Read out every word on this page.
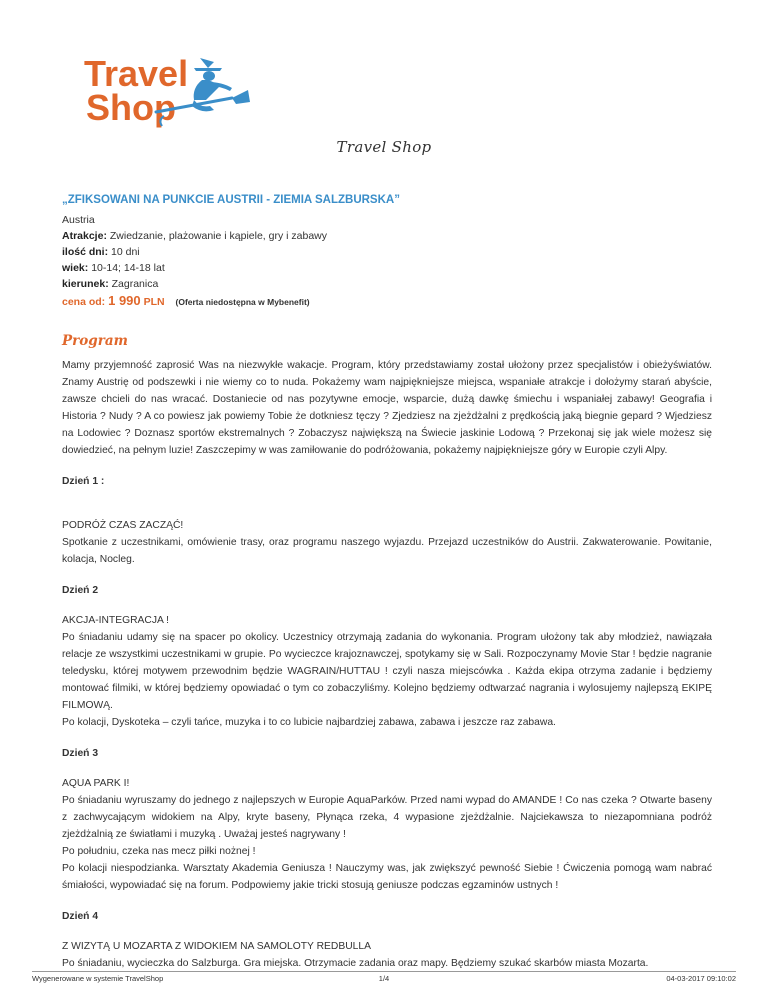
Travel
Shop
Travel Shop
„ZFIKSOWANI NA PUNKCIE AUSTRII - ZIEMIA SALZBURSKA”
Austria
Atrakcje: Zwiedzanie, plażowanie i kąpiele, gry i zabawy
ilość dni: 10 dni
wiek: 10-14; 14-18 lat
kierunek: Zagranica
cena od: 1 990 PLN (Oferta niedostępna w Mybenefit)
Program

Mamy przyjemność zaprosić Was na niezwykłe wakacje. Program, który przedstawiamy został ułożony przez specjalistów i obieżyświatów. Znamy Austrię od podszewki i nie wiemy co to nuda. Pokażemy wam najpiękniejsze miejsca, wspaniałe atrakcje i dołożymy starań abyście, zawsze chcieli do nas wracać. Dostaniecie od nas pozytywne emocje, wsparcie, dużą dawkę śmiechu i wspaniałej zabawy! Geografia i Historia ? Nudy ? A co powiesz jak powiemy Tobie że dotkniesz tęczy ? Zjedziesz na zjeżdżalni z prędkością jaką biegnie gepard ? Wjedziesz na Lodowiec ? Doznasz sportów ekstremalnych ? Zobaczysz największą na Świecie jaskinie Lodową ? Przekonaj się jak wiele możesz się dowiedzieć, na pełnym luzie! Zaszczepimy w was zamiłowanie do podróżowania, pokażemy najpiękniejsze góry w Europie czyli Alpy.

Dzień 1 :

PODRÓŻ CZAS ZACZĄĆ!

Spotkanie z uczestnikami, omówienie trasy, oraz programu naszego wyjazdu. Przejazd uczestników do Austrii. Zakwaterowanie. Powitanie, kolacja, Nocleg.

Dzień 2

AKCJA-INTEGRACJA !

Po śniadaniu udamy się na spacer po okolicy. Uczestnicy otrzymają zadania do wykonania. Program ułożony tak aby młodzież, nawiązała relacje ze wszystkimi uczestnikami w grupie. Po wycieczce krajoznawczej, spotykamy się w Sali. Rozpoczynamy Movie Star ! będzie nagranie teledysku, której motywem przewodnim będzie WAGRAIN/HUTTAU ! czyli nasza miejscówka . Każda ekipa otrzyma zadanie i będziemy montować filmiki, w której będziemy opowiadać o tym co zobaczyliśmy. Kolejno będziemy odtwarzać nagrania i wylosujemy najlepszą EKIPĘ FILMOWĄ.

Po kolacji, Dyskoteka – czyli tańce, muzyka i to co lubicie najbardziej zabawa, zabawa i jeszcze raz zabawa.

Dzień 3

AQUA PARK I!

Po śniadaniu wyruszamy do jednego z najlepszych w Europie AquaParków. Przed nami wypad do AMANDE ! Co nas czeka ? Otwarte baseny z zachwycającym widokiem na Alpy, kryte baseny, Płynąca rzeka, 4 wypasione zjeżdżalnie. Najciekawsza to niezapomniana podróż zjeżdżalnią ze światłami i muzyką . Uważaj jesteś nagrywany !

Po południu, czeka nas mecz piłki nożnej !

Po kolacji niespodzianka. Warsztaty Akademia Geniusza ! Nauczymy was, jak zwiększyć pewność Siebie ! Ćwiczenia pomogą wam nabrać śmiałości, wypowiadać się na forum. Podpowiemy jakie tricki stosują geniusze podczas egzaminów ustnych !

Dzień 4

Z WIZYTĄ U MOZARTA Z WIDOKIEM NA SAMOLOTY REDBULLA

Po śniadaniu, wycieczka do Salzburga. Gra miejska. Otrzymacie zadania oraz mapy. Będziemy szukać skarbów miasta Mozarta.

Wygenerowane w systemie TravelShop	1/4	04-03-2017 09:10:02
